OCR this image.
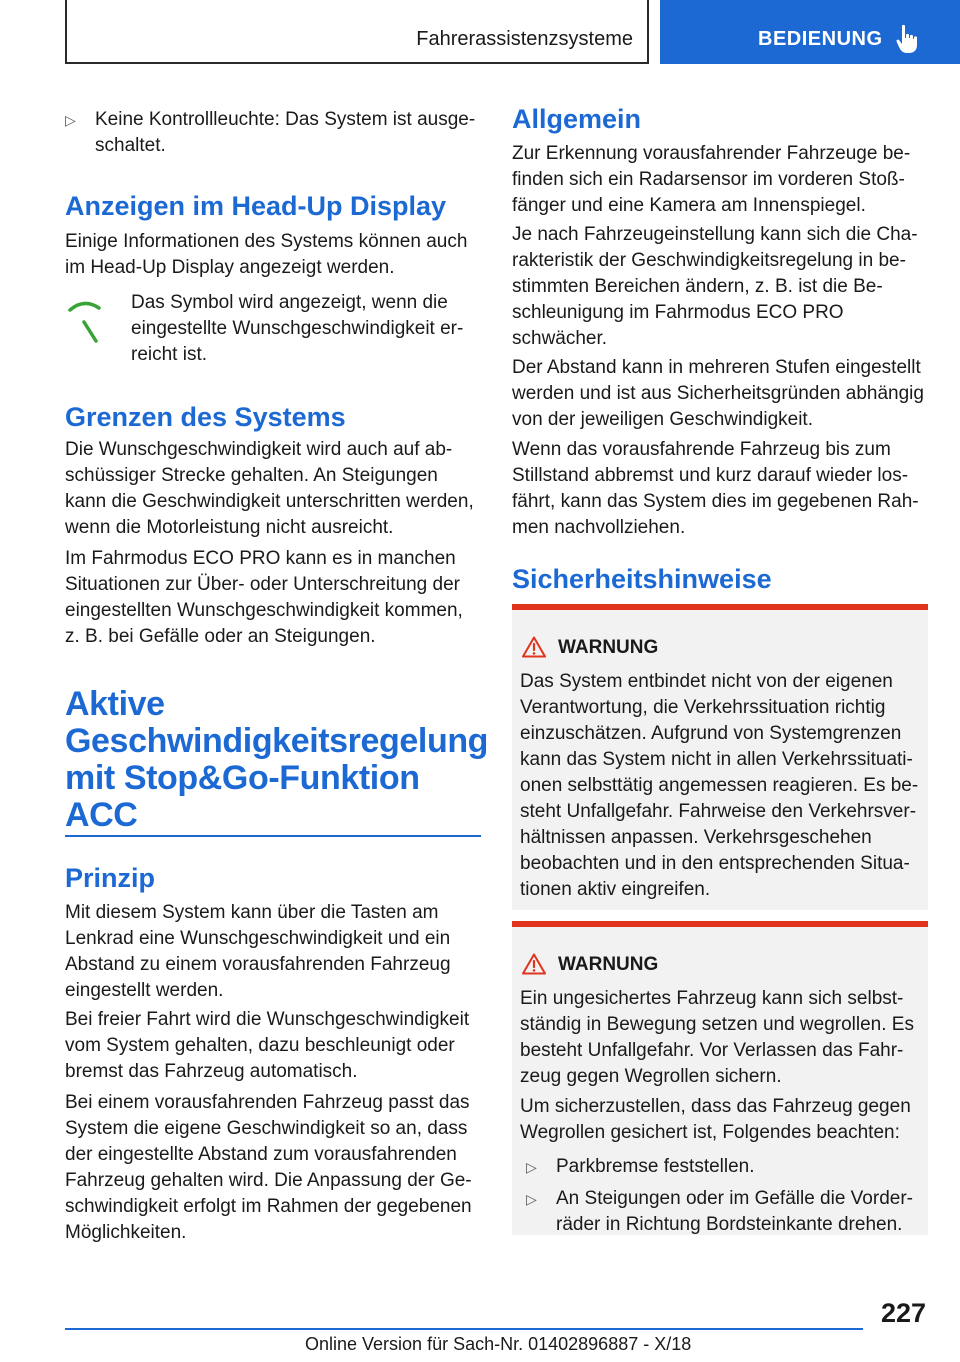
Fahrerassistenzsysteme	BEDIENUNG
▷ Keine Kontrollleuchte: Das System ist ausge-
schaltet.
Anzeigen im Head-Up Display

Einige Informationen des Systems können auch im Head-Up Display angezeigt werden.

Das Symbol wird angezeigt, wenn die eingestellte Wunschgeschwindigkeit er-
reicht ist.

Grenzen des Systems

Die Wunschgeschwindigkeit wird auch auf ab-
schüssiger Strecke gehalten. An Steigungen kann die Geschwindigkeit unterschritten werden, wenn die Motorleistung nicht ausreicht.

Im Fahrmodus ECO PRO kann es in manchen Situationen zur Über- oder Unterschreitung der eingestellten Wunschgeschwindigkeit kommen, z. B. bei Gefälle oder an Steigungen.

Aktive Geschwindigkeitsregelung mit Stop&Go-Funktion ACC
Prinzip

Mit diesem System kann über die Tasten am Lenkrad eine Wunschgeschwindigkeit und ein Abstand zu einem vorausfahrenden Fahrzeug eingestellt werden.

Bei freier Fahrt wird die Wunschgeschwindigkeit vom System gehalten, dazu beschleunigt oder bremst das Fahrzeug automatisch.

Bei einem vorausfahrenden Fahrzeug passt das System die eigene Geschwindigkeit so an, dass der eingestellte Abstand zum vorausfahrenden Fahrzeug gehalten wird. Die Anpassung der Ge-
schwindigkeit erfolgt im Rahmen der gegebenen Möglichkeiten.

Allgemein

Zur Erkennung vorausfahrender Fahrzeuge be-
finden sich ein Radarsensor im vorderen Stoß-
fänger und eine Kamera am Innenspiegel.

Je nach Fahrzeugeinstellung kann sich die Cha-
rakteristik der Geschwindigkeitsregelung in be-
stimmten Bereichen ändern, z. B. ist die Be-
schleunigung im Fahrmodus ECO PRO schwächer.

Der Abstand kann in mehreren Stufen eingestellt werden und ist aus Sicherheitsgründen abhängig von der jeweiligen Geschwindigkeit.

Wenn das vorausfahrende Fahrzeug bis zum Stillstand abbremst und kurz darauf wieder los-
fährt, kann das System dies im gegebenen Rah-
men nachvollziehen.

Sicherheitshinweise
WARNUNG

Das System entbindet nicht von der eigenen Verantwortung, die Verkehrssituation richtig einzuschätzen. Aufgrund von Systemgrenzen kann das System nicht in allen Verkehrssituati-
onen selbsttätig angemessen reagieren. Es be-
steht Unfallgefahr. Fahrweise den Verkehrsver-
hältnissen anpassen. Verkehrsgeschehen beobachten und in den entsprechenden Situa-
tionen aktiv eingreifen.

WARNUNG

Ein ungesichertes Fahrzeug kann sich selbst-
ständig in Bewegung setzen und wegrollen. Es besteht Unfallgefahr. Vor Verlassen das Fahr-
zeug gegen Wegrollen sichern.

Um sicherzustellen, dass das Fahrzeug gegen Wegrollen gesichert ist, Folgendes beachten:

▷ Parkbremse feststellen.
▷ An Steigungen oder im Gefälle die Vorder-
räder in Richtung Bordsteinkante drehen.
227
Online Version für Sach-Nr. 01402896887 - X/18
